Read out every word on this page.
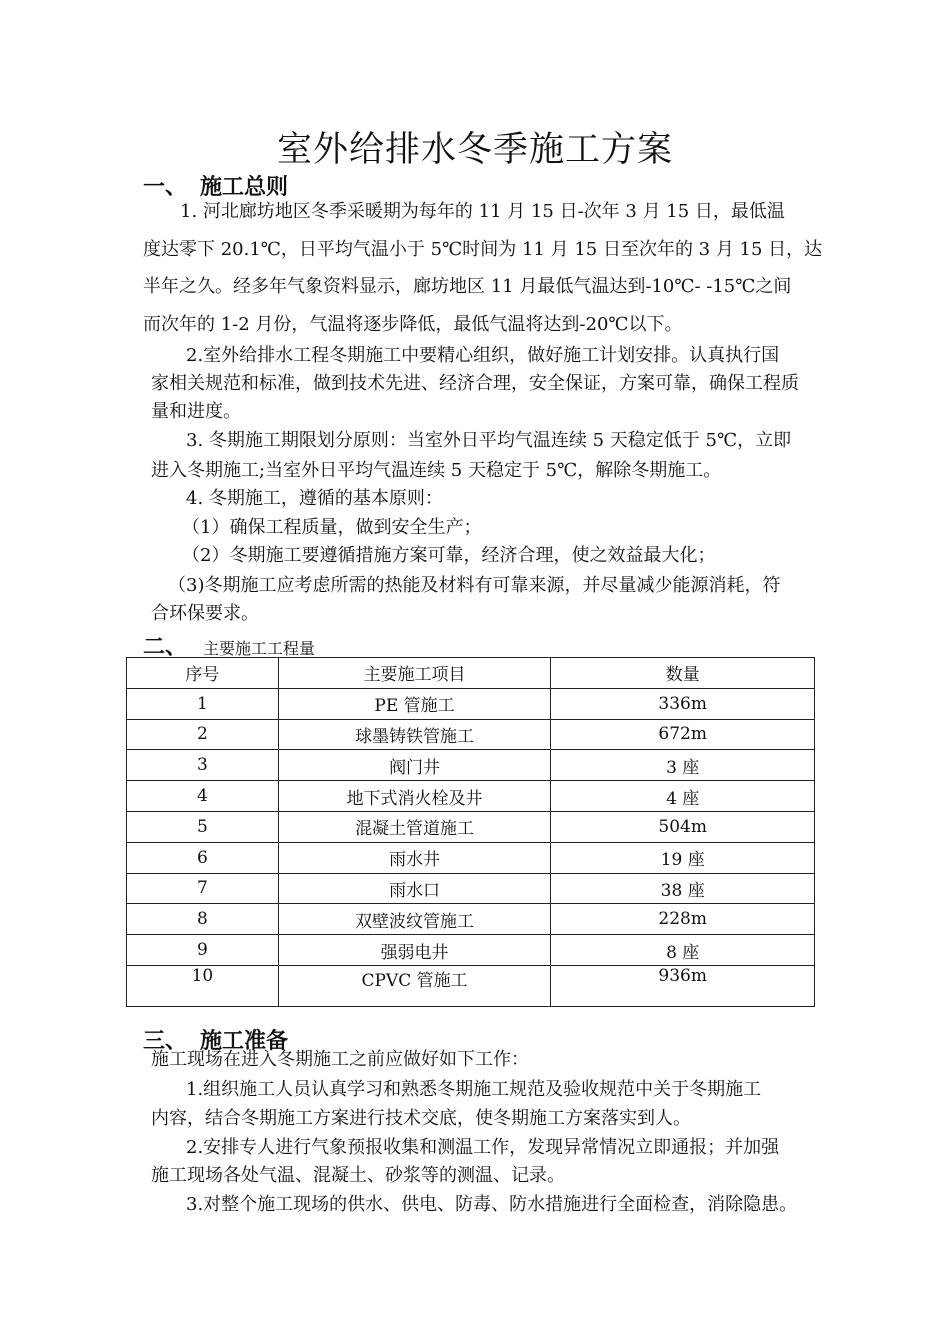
室外给排水冬季施工方案
一、 施工总则
1. 河北廊坊地区冬季采暖期为每年的 11 月 15 日-次年 3 月 15 日，最低温
度达零下 20.1℃，日平均气温小于 5℃时间为 11 月 15 日至次年的 3 月 15 日，达
半年之久。经多年气象资料显示，廊坊地区 11 月最低气温达到-10℃- -15℃之间
而次年的 1-2 月份，气温将逐步降低，最低气温将达到-20℃以下。
2.室外给排水工程冬期施工中要精心组织，做好施工计划安排。认真执行国
家相关规范和标准，做到技术先进、经济合理，安全保证，方案可靠，确保工程质
量和进度。
3. 冬期施工期限划分原则：当室外日平均气温连续 5 天稳定低于 5℃，立即
进入冬期施工;当室外日平均气温连续 5 天稳定于 5℃，解除冬期施工。
4. 冬期施工，遵循的基本原则：
（1）确保工程质量，做到安全生产；
（2）冬期施工要遵循措施方案可靠，经济合理，使之效益最大化；
（3)冬期施工应考虑所需的热能及材料有可靠来源，并尽量减少能源消耗，符
合环保要求。
二、 主要施工工程量
序号	主要施工项目	数量
1	PE 管施工	336m
2	球墨铸铁管施工	672m
3	阀门井	3 座
4	地下式消火栓及井	4 座
5	混凝土管道施工	504m
6	雨水井	19 座
7	雨水口	38 座
8	双壁波纹管施工	228m
9	强弱电井	8 座
10	CPVC 管施工	936m
三、 施工准备
施工现场在进入冬期施工之前应做好如下工作：
1.组织施工人员认真学习和熟悉冬期施工规范及验收规范中关于冬期施工
内容，结合冬期施工方案进行技术交底，使冬期施工方案落实到人。
2.安排专人进行气象预报收集和测温工作，发现异常情况立即通报；并加强
施工现场各处气温、混凝土、砂浆等的测温、记录。
3.对整个施工现场的供水、供电、防毒、防水措施进行全面检查，消除隐患。
